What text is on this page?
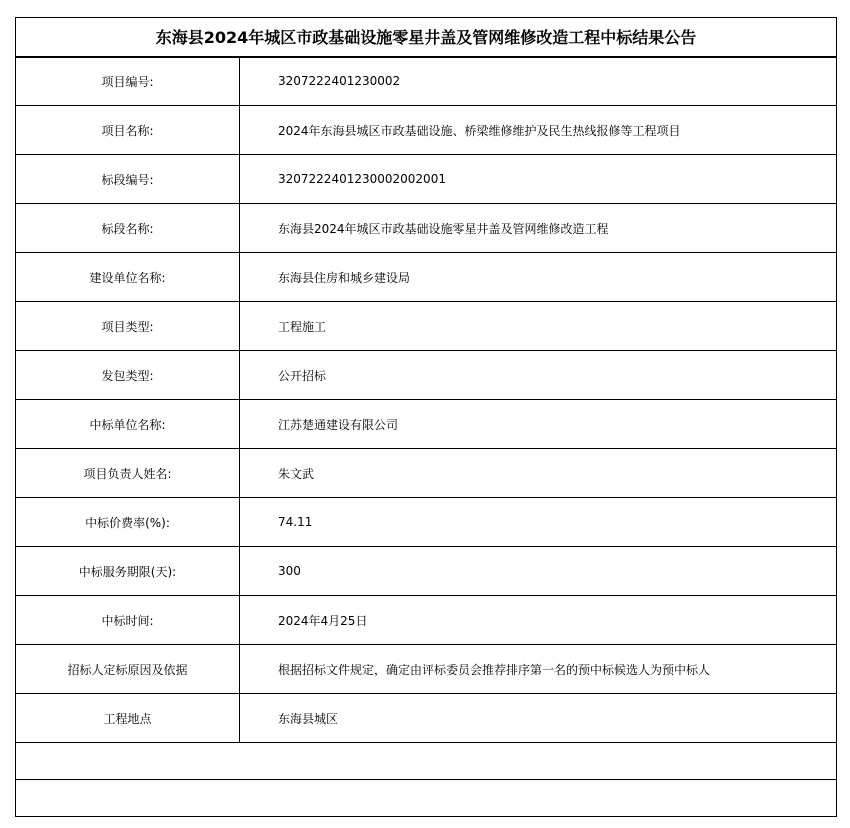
东海县2024年城区市政基础设施零星井盖及管网维修改造工程中标结果公告	
项目编号:	3207222401230002
项目名称:	2024年东海县城区市政基础设施、桥梁维修维护及民生热线报修等工程项目
标段编号:	3207222401230002002001
标段名称:	东海县2024年城区市政基础设施零星井盖及管网维修改造工程
建设单位名称:	东海县住房和城乡建设局
项目类型:	工程施工
发包类型:	公开招标
中标单位名称:	江苏楚通建设有限公司
项目负责人姓名:	朱文武
中标价费率(%):	74.11
中标服务期限(天):	300
中标时间:	2024年4月25日
招标人定标原因及依据	根据招标文件规定，确定由评标委员会推荐排序第一名的预中标候选人为预中标人
工程地点	东海县城区
